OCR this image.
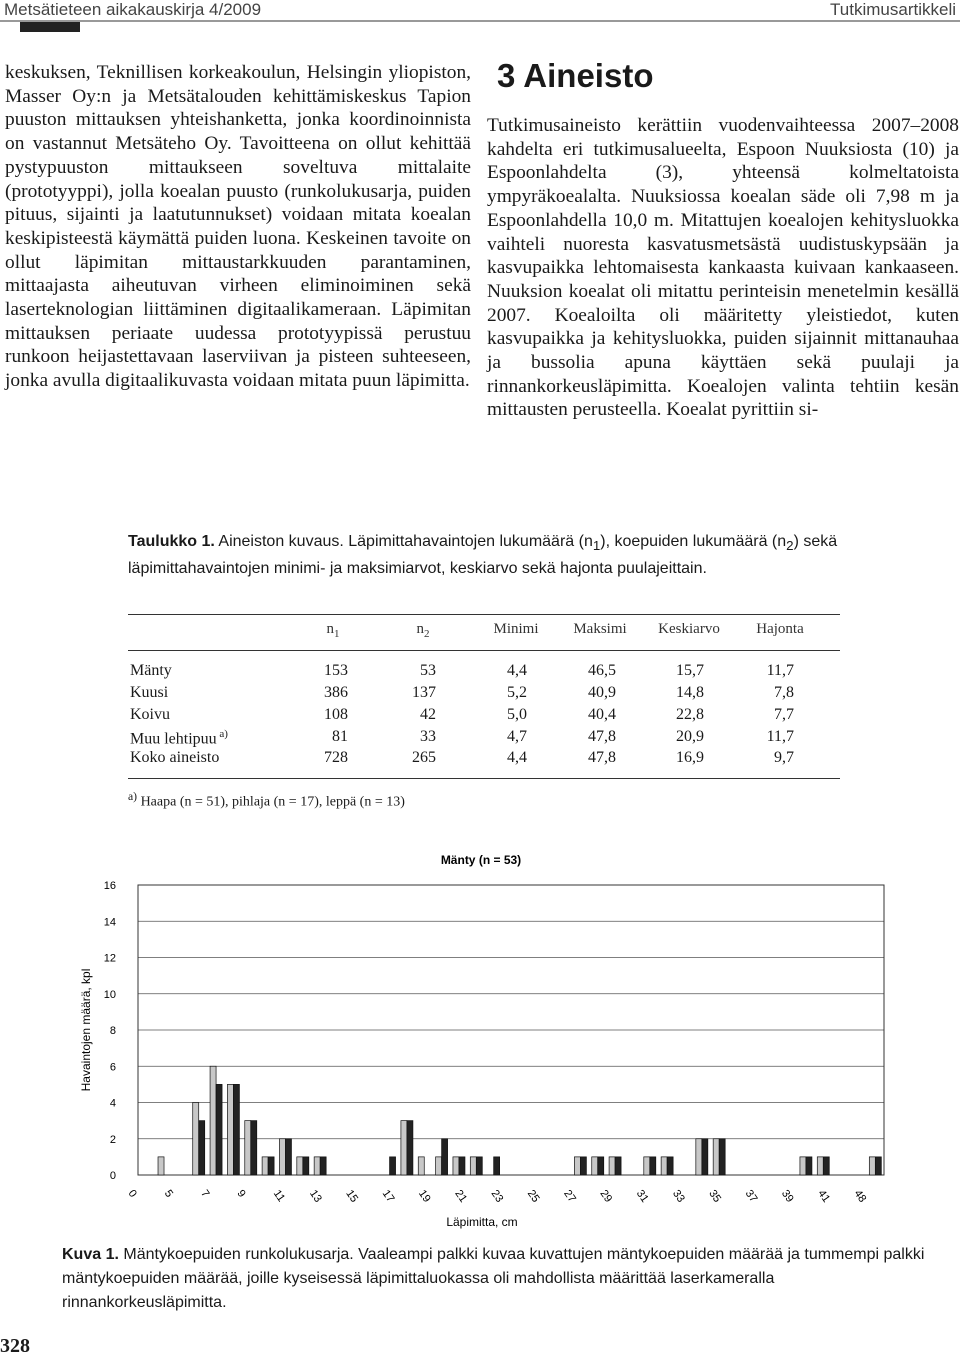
Metsätieteen aikakauskirja 4/2009	Tutkimusartikkeli

keskuksen, Teknillisen korkeakoulun, Helsingin yliopiston, Masser Oy:n ja Metsätalouden kehittämiskeskus Tapion puuston mittauksen yhteishanketta, jonka koordinoinnista on vastannut Metsäteho Oy. Tavoitteena on ollut kehittää pystypuuston mittaukseen soveltuva mittalaite (prototyyppi), jolla koealan puusto (runkolukusarja, puiden pituus, sijainti ja laatutunnukset) voidaan mitata koealan keskipisteestä käymättä puiden luona. Keskeinen tavoite on ollut läpimitan mittaustarkkuuden parantaminen, mittaajasta aiheutuvan virheen eliminoiminen sekä laserteknologian liittäminen digitaalikameraan. Läpimitan mittauksen periaate uudessa prototyypissä perustuu runkoon heijastettavaan laserviivan ja pisteen suhteeseen, jonka avulla digitaalikuvasta voidaan mitata puun läpimitta.

3 Aineisto

Tutkimusaineisto kerättiin vuodenvaihteessa 2007–2008 kahdelta eri tutkimusalueelta, Espoon Nuuksiosta (10) ja Espoonlahdelta (3), yhteensä kolmeltatoista ympyräkoealalta. Nuuksiossa koealan säde oli 7,98 m ja Espoonlahdella 10,0 m. Mitattujen koealojen kehitysluokka vaihteli nuoresta kasvatusmetsästä uudistuskypsään ja kasvupaikka lehtomaisesta kankaasta kuivaan kankaaseen. Nuuksion koealat oli mitattu perinteisin menetelmin kesällä 2007. Koealoilta oli määritetty yleistiedot, kuten kasvupaikka ja kehitysluokka, puiden sijainnit mittanauhaa ja bussolia apuna käyttäen sekä puulaji ja rinnankorkeusläpimitta. Koealojen valinta tehtiin kesän mittausten perusteella. Koealat pyrittiin si-

Taulukko 1. Aineiston kuvaus. Läpimittahavaintojen lukumäärä $(n_1)$, koepuiden lukumäärä $(n_2)$ sekä läpimittahavaintojen minimi- ja maksimiarvot, keskiarvo sekä hajonta puulajeittain.
$n_1$	$n_2$	Minimi	Maksimi	Keskiarvo	Hajonta
Mänty	153	53	4,4	46,5	15,7	11,7
Kuusi	386	137	5,2	40,9	14,8	7,8
Koivu	108	42	5,0	40,4	22,8	7,7
Muu lehtipuu $^{a)}$	81	33	4,7	47,8	20,9	11,7
Koko aineisto	728	265	4,4	47,8	16,9	9,7
$^{a)}$ Haapa (n = 51), pihlaja (n = 17), leppä (n = 13)
Mänty (n = 53)
0
2
4
6
8
10
12
14
16
Havaintojen määrä, kpl
0 5 7 9 11 13 15 17 19 21 23 25 27 29 31 33 35 37 39 41 48
Läpimitta, cm
Kuva 1. Mäntykoepuiden runkolukusarja. Vaaleampi palkki kuvaa kuvattujen mäntykoepuiden määrää ja tummempi palkki mäntykoepuiden määrää, joille kyseisessä läpimittaluokassa oli mahdollista määrittää laserkameralla rinnankorkeusläpimitta.
328
